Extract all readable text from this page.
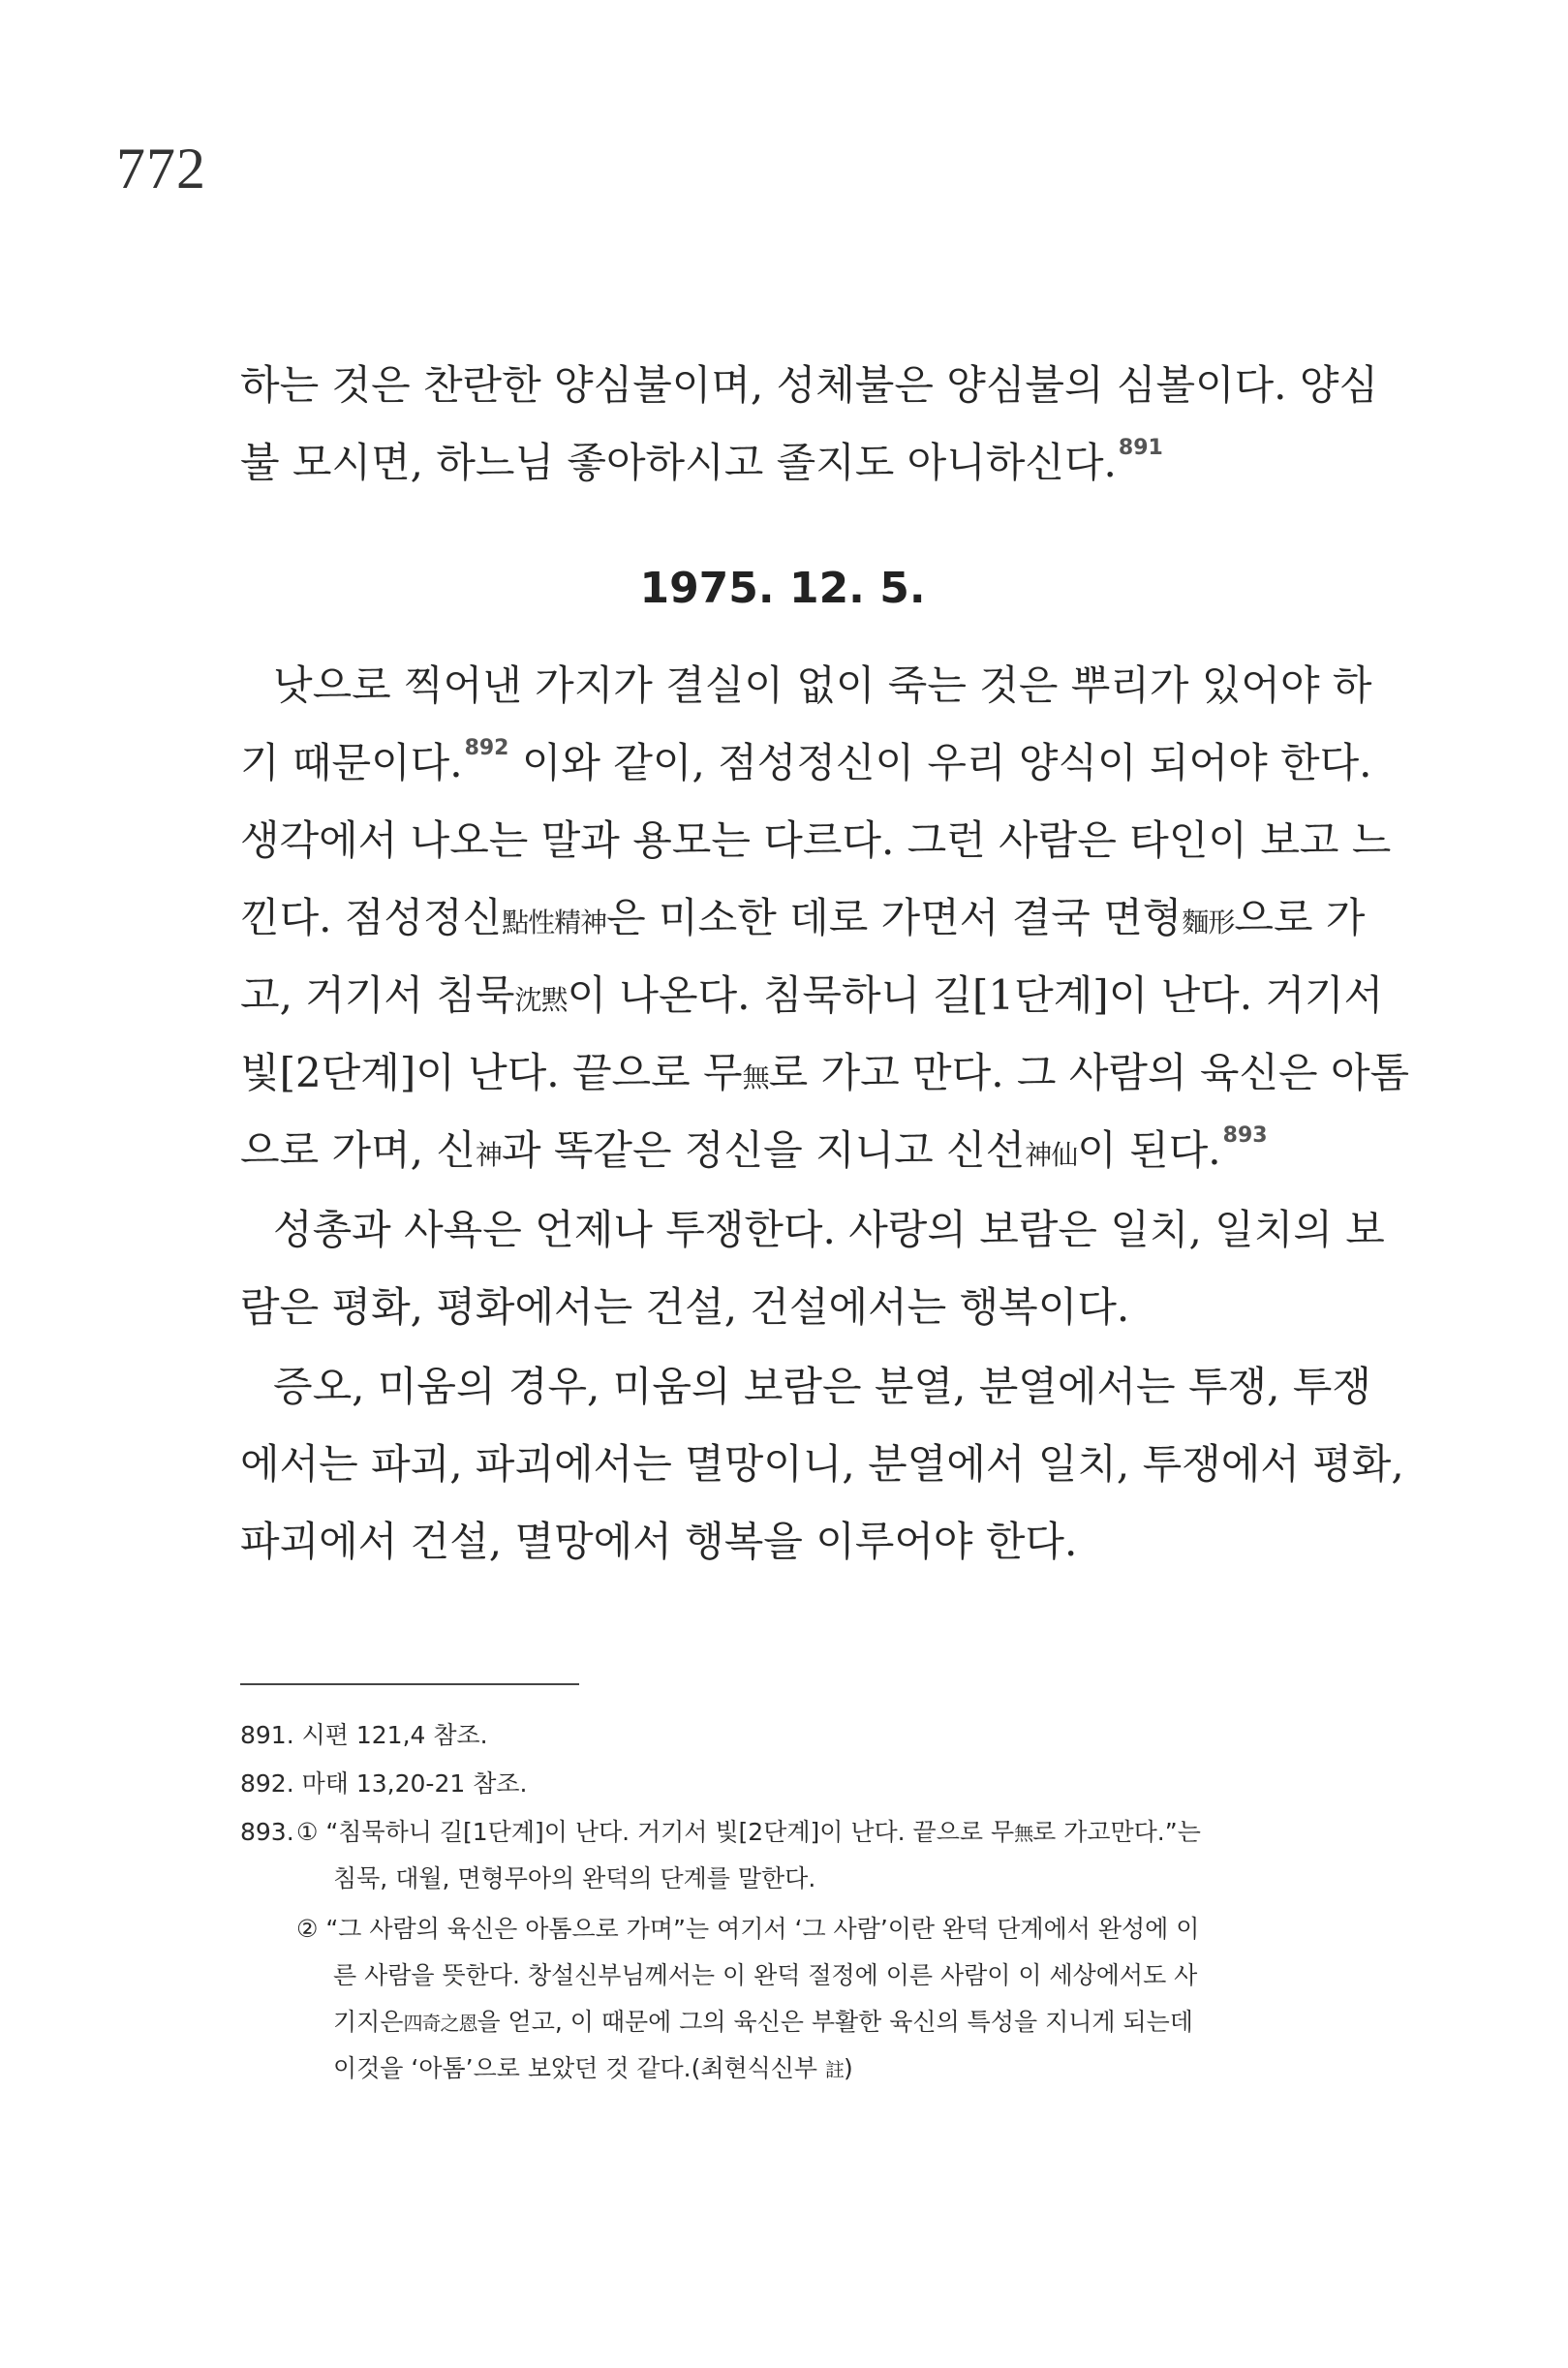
772
하는 것은 찬란한 양심불이며, 성체불은 양심불의 심볼이다. 양심
불 모시면, 하느님 좋아하시고 졸지도 아니하신다.$^{891}$
1975. 12. 5.
낫으로 찍어낸 가지가 결실이 없이 죽는 것은 뿌리가 있어야 하
기 때문이다.$^{892}$ 이와 같이, 점성정신이 우리 양식이 되어야 한다.
생각에서 나오는 말과 용모는 다르다. 그런 사람은 타인이 보고 느
낀다. 점성정신點性精神은 미소한 데로 가면서 결국 면형麵形으로 가
고, 거기서 침묵沈黙이 나온다. 침묵하니 길[1단계]이 난다. 거기서
빛[2단계]이 난다. 끝으로 무無로 가고 만다. 그 사람의 육신은 아톰
으로 가며, 신神과 똑같은 정신을 지니고 신선神仙이 된다.$^{893}$
성총과 사욕은 언제나 투쟁한다. 사랑의 보람은 일치, 일치의 보
람은 평화, 평화에서는 건설, 건설에서는 행복이다.
증오, 미움의 경우, 미움의 보람은 분열, 분열에서는 투쟁, 투쟁
에서는 파괴, 파괴에서는 멸망이니, 분열에서 일치, 투쟁에서 평화,
파괴에서 건설, 멸망에서 행복을 이루어야 한다.
891. 시편 121,4 참조.
892. 마태 13,20-21 참조.
893. ① “침묵하니 길[1단계]이 난다. 거기서 빛[2단계]이 난다. 끝으로 무無로 가고만다.”는
침묵, 대월, 면형무아의 완덕의 단계를 말한다.
② “그 사람의 육신은 아톰으로 가며”는 여기서 ‘그 사람’이란 완덕 단계에서 완성에 이
른 사람을 뜻한다. 창설신부님께서는 이 완덕 절정에 이른 사람이 이 세상에서도 사
기지은四奇之恩을 얻고, 이 때문에 그의 육신은 부활한 육신의 특성을 지니게 되는데
이것을 ‘아톰’으로 보았던 것 같다.(최현식신부 註)
